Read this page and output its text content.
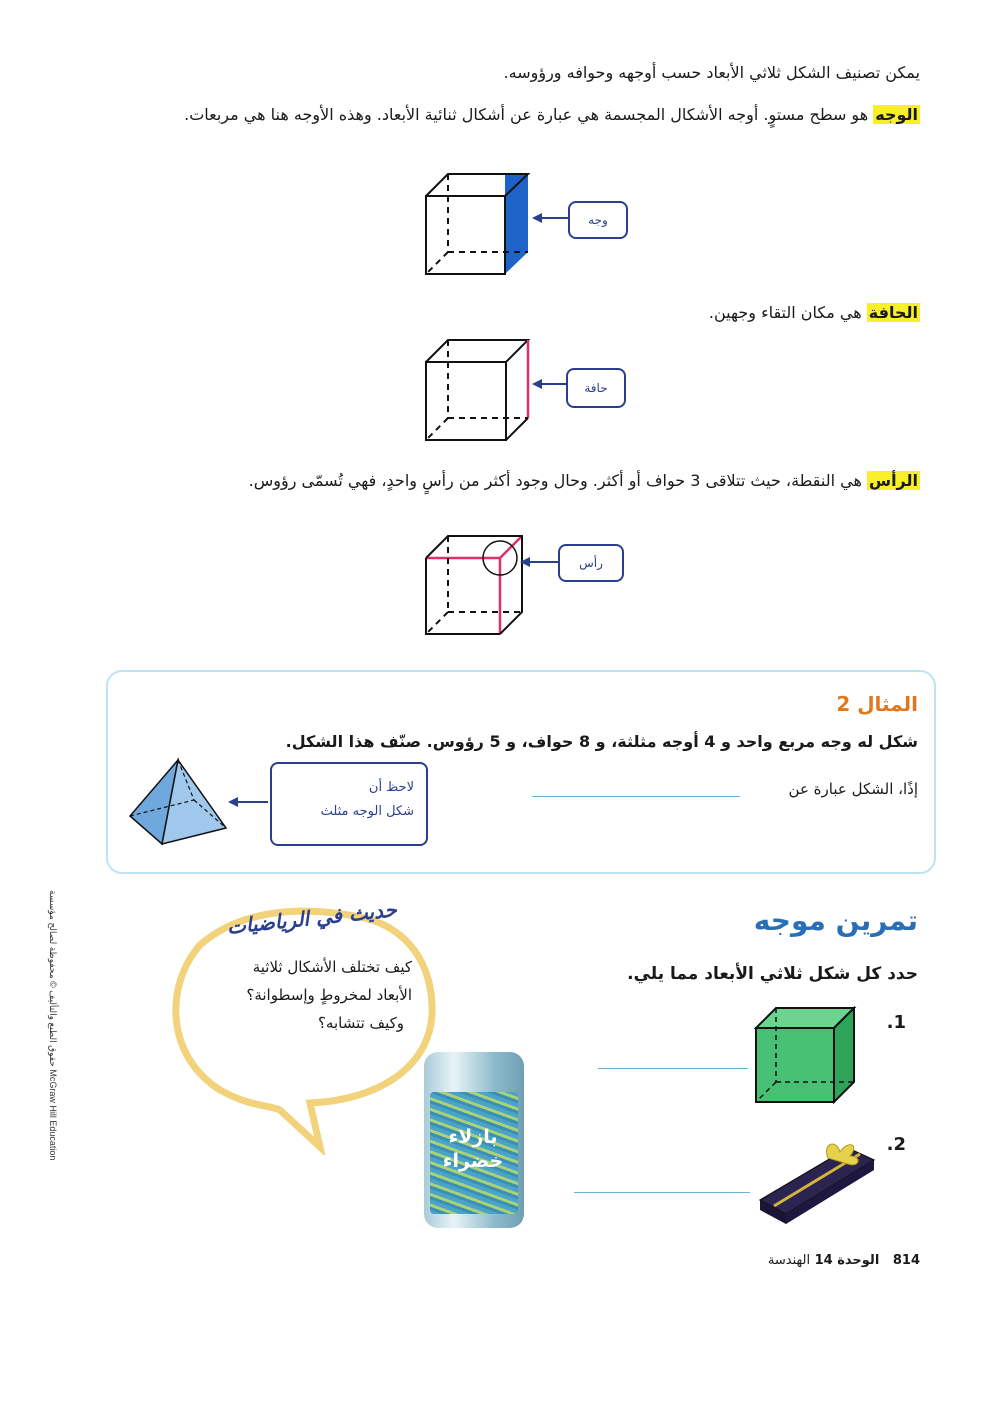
يمكن تصنيف الشكل ثلاثي الأبعاد حسب أوجهه وحوافه ورؤوسه.
الوجه هو سطح مستوٍ. أوجه الأشكال المجسمة هي عبارة عن أشكال ثنائية الأبعاد. وهذه الأوجه هنا هي مربعات.
وجه
الحافة هي مكان التقاء وجهين.
حافة
الرأس هي النقطة، حيث تتلاقى 3 حواف أو أكثر. وحال وجود أكثر من رأسٍ واحدٍ، فهي تُسمّى رؤوس.
رأس
المثال 2
شكل له وجه مربع واحد و 4 أوجه مثلثة، و 8 حواف، و 5 رؤوس. صنّف هذا الشكل.
إذًا، الشكل عبارة عن
لاحظ أن
شكل الوجه مثلث
حقوق الطبع والتأليف © محفوظة لصالح مؤسسة McGraw Hill Education
حديث في الرياضيات
كيف تختلف الأشكال ثلاثية
الأبعاد لمخروطٍ وإسطوانة؟
وكيف تتشابه؟
بازلاء
خضراء
تمرين موجه
حدد كل شكل ثلاثي الأبعاد مما يلي.
1.
2.
814   الوحدة 14 الهندسة
